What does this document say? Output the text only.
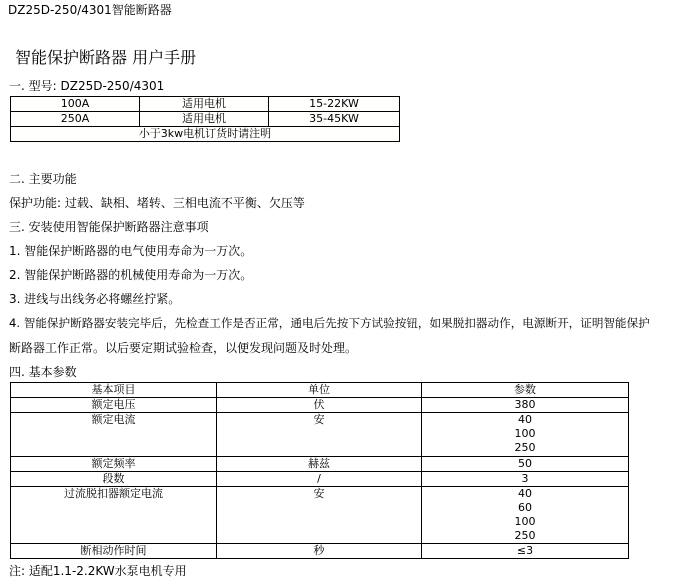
DZ25D-250/4301智能断路器
智能保护断路器 用户手册
一. 型号: DZ25D-250/4301
100A	适用电机	15-22KW
250A	适用电机	35-45KW
小于3kw电机订货时请注明		
二. 主要功能
保护功能: 过载、缺相、堵转、三相电流不平衡、欠压等
三. 安装使用智能保护断路器注意事项
1. 智能保护断路器的电气使用寿命为一万次。
2. 智能保护断路器的机械使用寿命为一万次。
3. 进线与出线务必将螺丝拧紧。
4. 智能保护断路器安装完毕后，先检查工作是否正常，通电后先按下方试验按钮，如果脱扣器动作，电源断开，证明智能保护
断路器工作正常。以后要定期试验检查，以便发现问题及时处理。
四. 基本参数
基本项目	单位	参数
额定电压	伏	380
额定电流	安	40
100
250

额定频率	赫兹	50
段数	/	3
过流脱扣器额定电流	安	40
60
100
250

断相动作时间	秒	≤3
注: 适配1.1-2.2KW水泵电机专用
